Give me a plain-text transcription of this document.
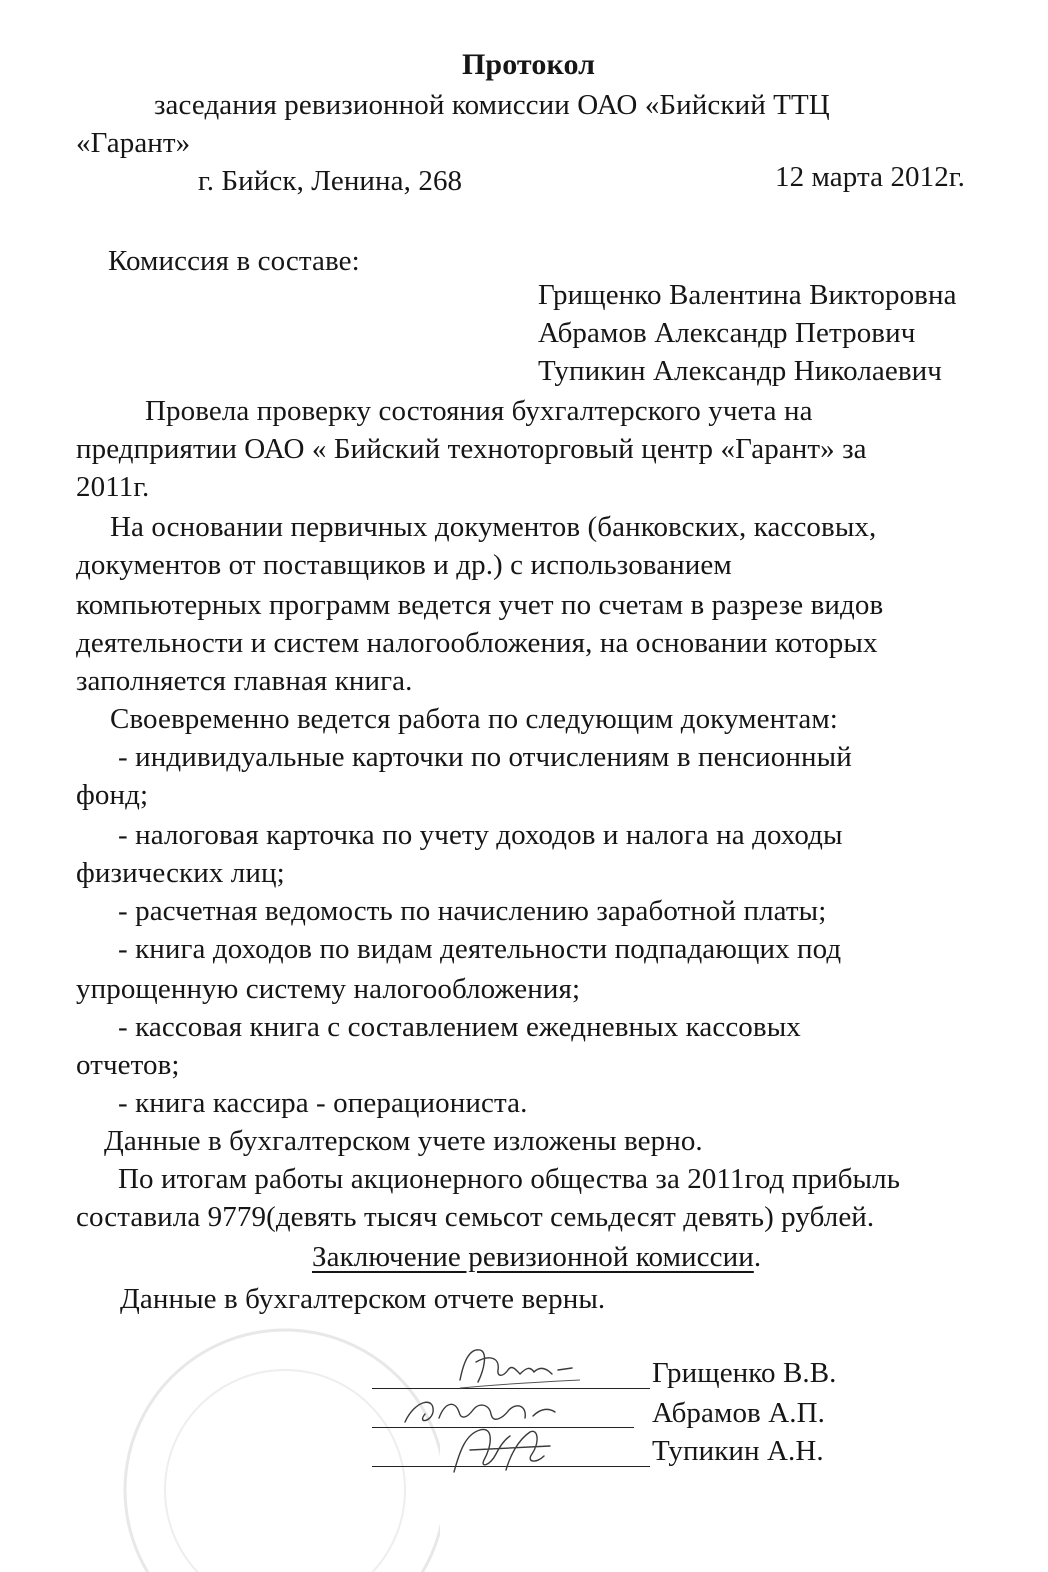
Протокол
заседания ревизионной комиссии ОАО «Бийский ТТЦ
«Гарант»
г. Бийск, Ленина, 268	12 марта 2012г.
Комиссия в составе:
Грищенко Валентина Викторовна
Абрамов Александр Петрович
Тупикин Александр Николаевич
Провела проверку состояния бухгалтерского учета на
предприятии ОАО « Бийский техноторговый центр «Гарант» за
2011г.
На основании первичных документов (банковских, кассовых,
документов от поставщиков и др.) с использованием
компьютерных программ ведется учет по счетам в разрезе видов
деятельности и систем налогообложения, на основании которых
заполняется главная книга.
Своевременно ведется работа по следующим документам:
- индивидуальные карточки по отчислениям в пенсионный
фонд;
- налоговая карточка по учету доходов и налога на доходы
физических лиц;
- расчетная ведомость по начислению заработной платы;
- книга доходов по видам деятельности подпадающих под
упрощенную систему налогообложения;
- кассовая книга с составлением ежедневных кассовых
отчетов;
- книга кассира - операциониста.
Данные в бухгалтерском учете изложены верно.
По итогам работы акционерного общества за 2011год прибыль
составила 9779(девять тысяч семьсот семьдесят девять) рублей.
Заключение ревизионной комиссии.
Данные в бухгалтерском отчете верны.
Грищенко В.В.
Абрамов А.П.
Тупикин А.Н.
